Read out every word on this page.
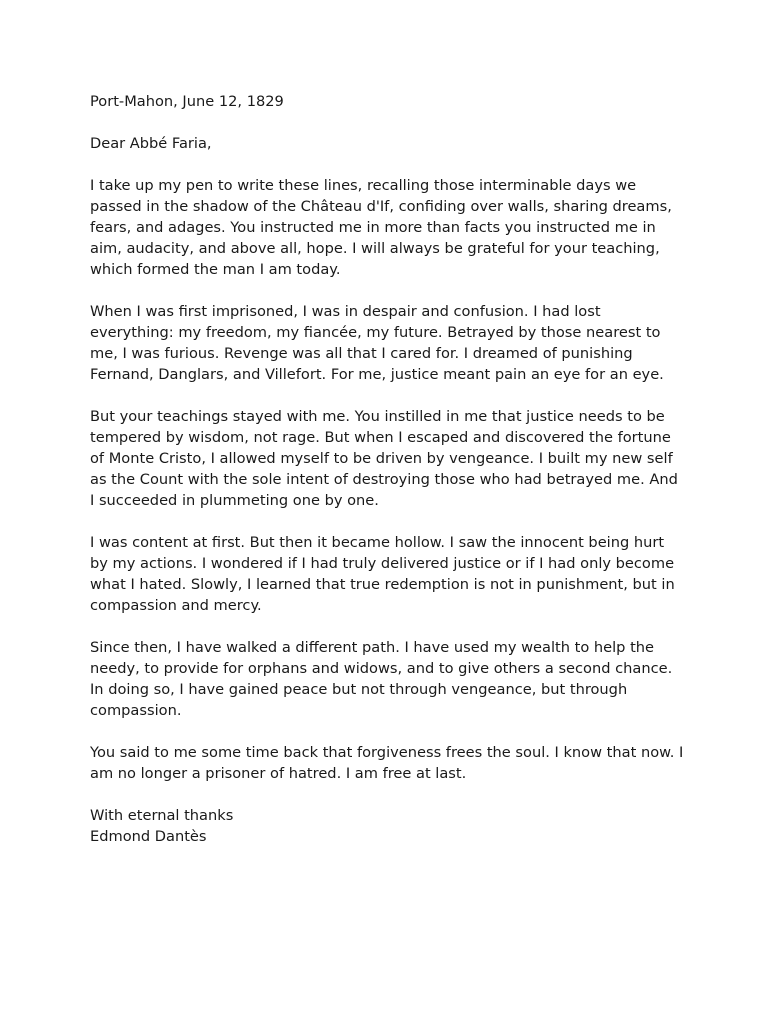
Port-Mahon, June 12, 1829

Dear Abbé Faria,

I take up my pen to write these lines, recalling those interminable days we passed in the shadow of the Château d'If, confiding over walls, sharing dreams, fears, and adages. You instructed me in more than facts you instructed me in aim, audacity, and above all, hope. I will always be grateful for your teaching, which formed the man I am today.

When I was first imprisoned, I was in despair and confusion. I had lost everything: my freedom, my fiancée, my future. Betrayed by those nearest to me, I was furious. Revenge was all that I cared for. I dreamed of punishing Fernand, Danglars, and Villefort. For me, justice meant pain an eye for an eye.

But your teachings stayed with me. You instilled in me that justice needs to be tempered by wisdom, not rage. But when I escaped and discovered the fortune of Monte Cristo, I allowed myself to be driven by vengeance. I built my new self as the Count with the sole intent of destroying those who had betrayed me. And I succeeded in plummeting one by one.

I was content at first. But then it became hollow. I saw the innocent being hurt by my actions. I wondered if I had truly delivered justice or if I had only become what I hated. Slowly, I learned that true redemption is not in punishment, but in compassion and mercy.

Since then, I have walked a different path. I have used my wealth to help the needy, to provide for orphans and widows, and to give others a second chance. In doing so, I have gained peace but not through vengeance, but through compassion.

You said to me some time back that forgiveness frees the soul. I know that now. I am no longer a prisoner of hatred. I am free at last.

With eternal thanks

Edmond Dantès
